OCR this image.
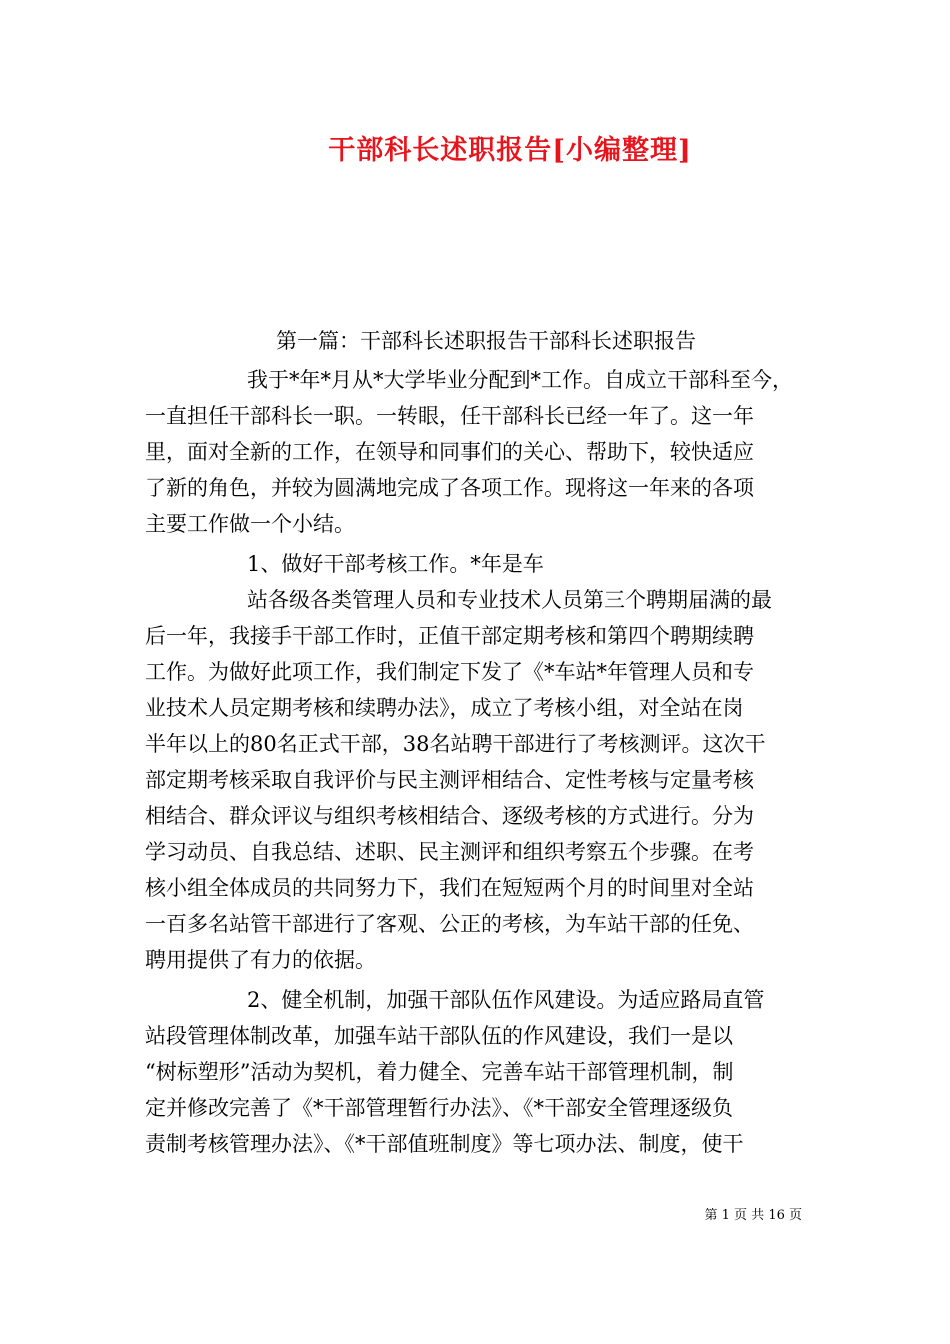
干部科长述职报告[小编整理]
第一篇：干部科长述职报告干部科长述职报告
我于*年*月从*大学毕业分配到*工作。自成立干部科至今，
一直担任干部科长一职。一转眼，任干部科长已经一年了。这一年
里，面对全新的工作，在领导和同事们的关心、帮助下，较快适应
了新的角色，并较为圆满地完成了各项工作。现将这一年来的各项
主要工作做一个小结。
1、做好干部考核工作。*年是车
站各级各类管理人员和专业技术人员第三个聘期届满的最
后一年，我接手干部工作时，正值干部定期考核和第四个聘期续聘
工作。为做好此项工作，我们制定下发了《*车站*年管理人员和专
业技术人员定期考核和续聘办法》，成立了考核小组，对全站在岗
半年以上的80名正式干部，38名站聘干部进行了考核测评。这次干
部定期考核采取自我评价与民主测评相结合、定性考核与定量考核
相结合、群众评议与组织考核相结合、逐级考核的方式进行。分为
学习动员、自我总结、述职、民主测评和组织考察五个步骤。在考
核小组全体成员的共同努力下，我们在短短两个月的时间里对全站
一百多名站管干部进行了客观、公正的考核，为车站干部的任免、
聘用提供了有力的依据。
2、健全机制，加强干部队伍作风建设。为适应路局直管
站段管理体制改革，加强车站干部队伍的作风建设，我们一是以
“树标塑形”活动为契机，着力健全、完善车站干部管理机制，制
定并修改完善了《*干部管理暂行办法》、《*干部安全管理逐级负
责制考核管理办法》、《*干部值班制度》等七项办法、制度，使干
第 1 页 共 16 页
